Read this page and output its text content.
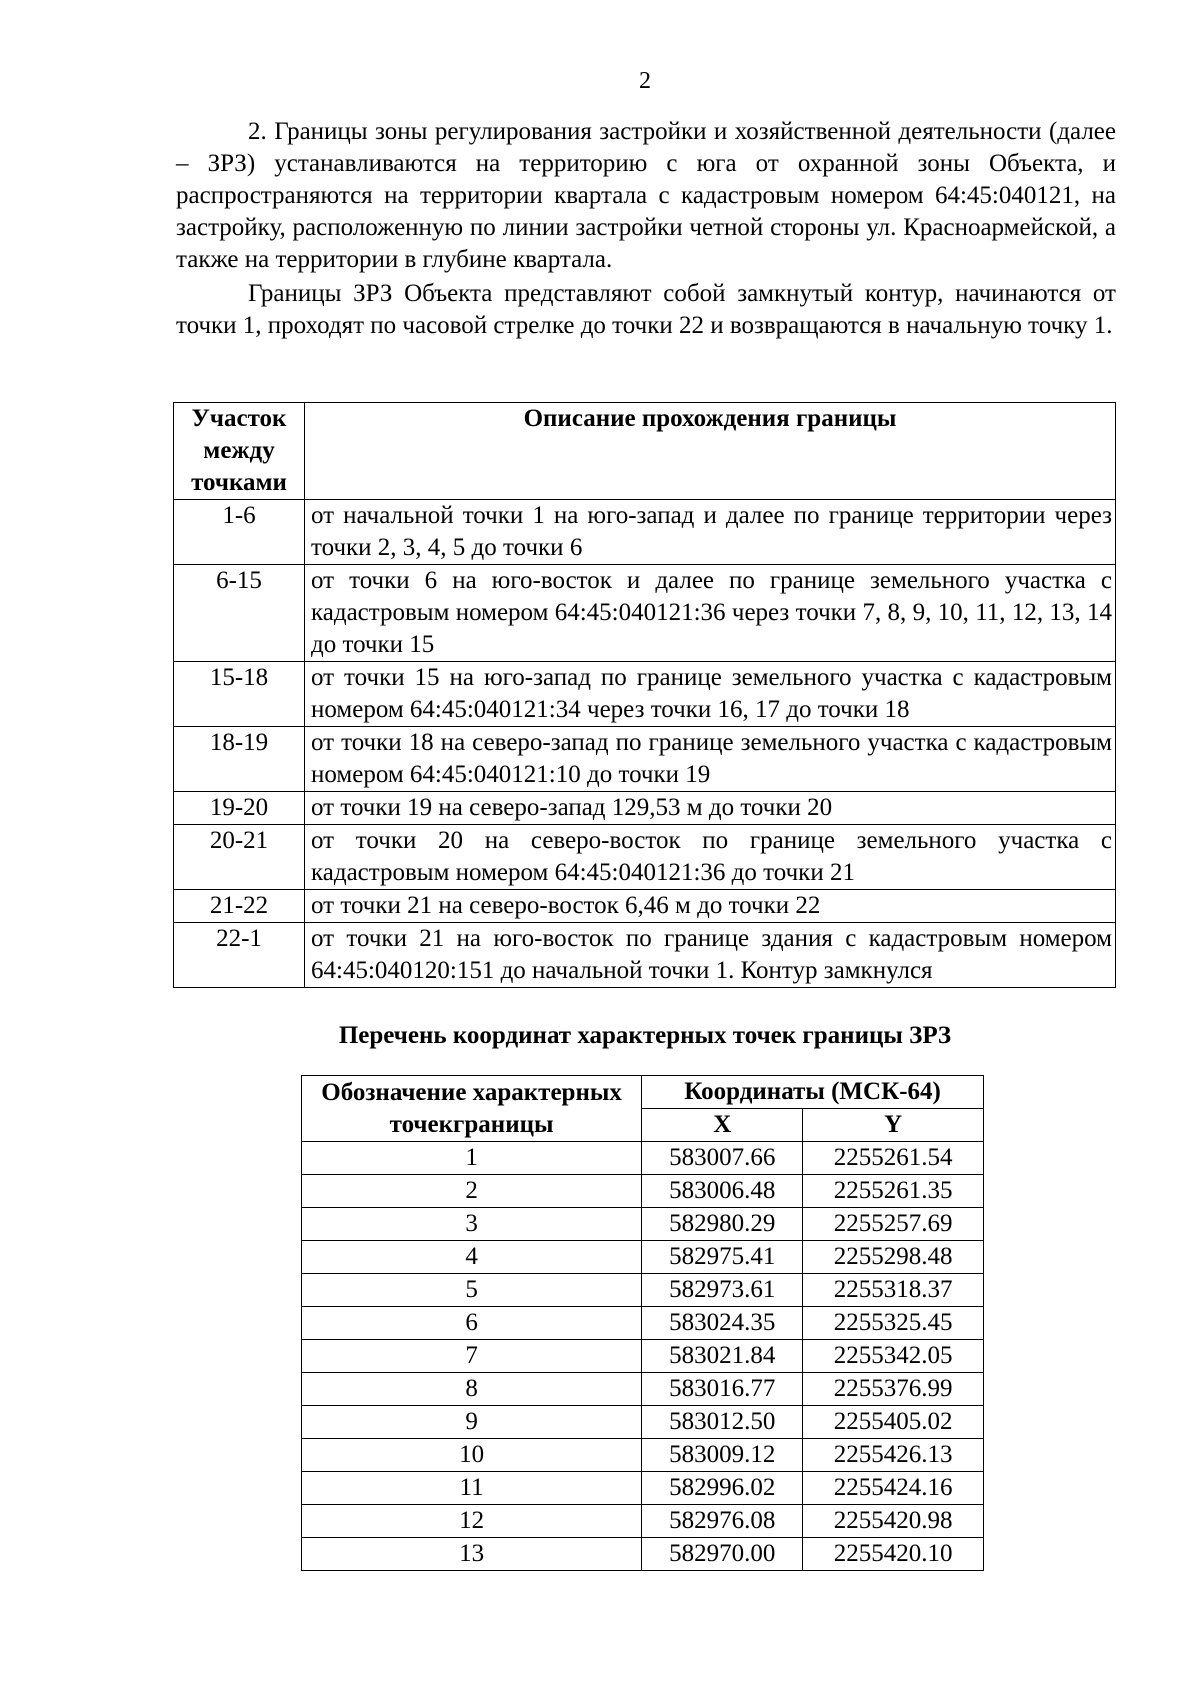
2

2. Границы зоны регулирования застройки и хозяйственной деятельности (далее – ЗРЗ) устанавливаются на территорию с юга от охранной зоны Объекта, и распространяются на территории квартала с кадастровым номером 64:45:040121, на застройку, расположенную по линии застройки четной стороны ул. Красноармейской, а также на территории в глубине квартала.

Границы ЗРЗ Объекта представляют собой замкнутый контур, начинаются от точки 1, проходят по часовой стрелке до точки 22 и возвращаются в начальную точку 1.

Участок между точками	Описание прохождения границы
1-6	от начальной точки 1 на юго-запад и далее по границе территории через точки 2, 3, 4, 5 до точки 6
6-15	от точки 6 на юго-восток и далее по границе земельного участка с кадастровым номером 64:45:040121:36 через точки 7, 8, 9, 10, 11, 12, 13, 14 до точки 15
15-18	от точки 15 на юго-запад по границе земельного участка с кадастровым номером 64:45:040121:34 через точки 16, 17 до точки 18
18-19	от точки 18 на северо-запад по границе земельного участка с кадастровым номером 64:45:040121:10 до точки 19
19-20	от точки 19 на северо-запад 129,53 м до точки 20
20-21	от точки 20 на северо-восток по границе земельного участка с кадастровым номером 64:45:040121:36 до точки 21
21-22	от точки 21 на северо-восток 6,46 м до точки 22
22-1	от точки 21 на юго-восток по границе здания с кадастровым номером 64:45:040120:151 до начальной точки 1. Контур замкнулся

Перечень координат характерных точек границы ЗРЗ

Обозначение характерных точекграницы	Координаты (МСК-64)	
	X	Y
1	583007.66	2255261.54
2	583006.48	2255261.35
3	582980.29	2255257.69
4	582975.41	2255298.48
5	582973.61	2255318.37
6	583024.35	2255325.45
7	583021.84	2255342.05
8	583016.77	2255376.99
9	583012.50	2255405.02
10	583009.12	2255426.13
11	582996.02	2255424.16
12	582976.08	2255420.98
13	582970.00	2255420.10
